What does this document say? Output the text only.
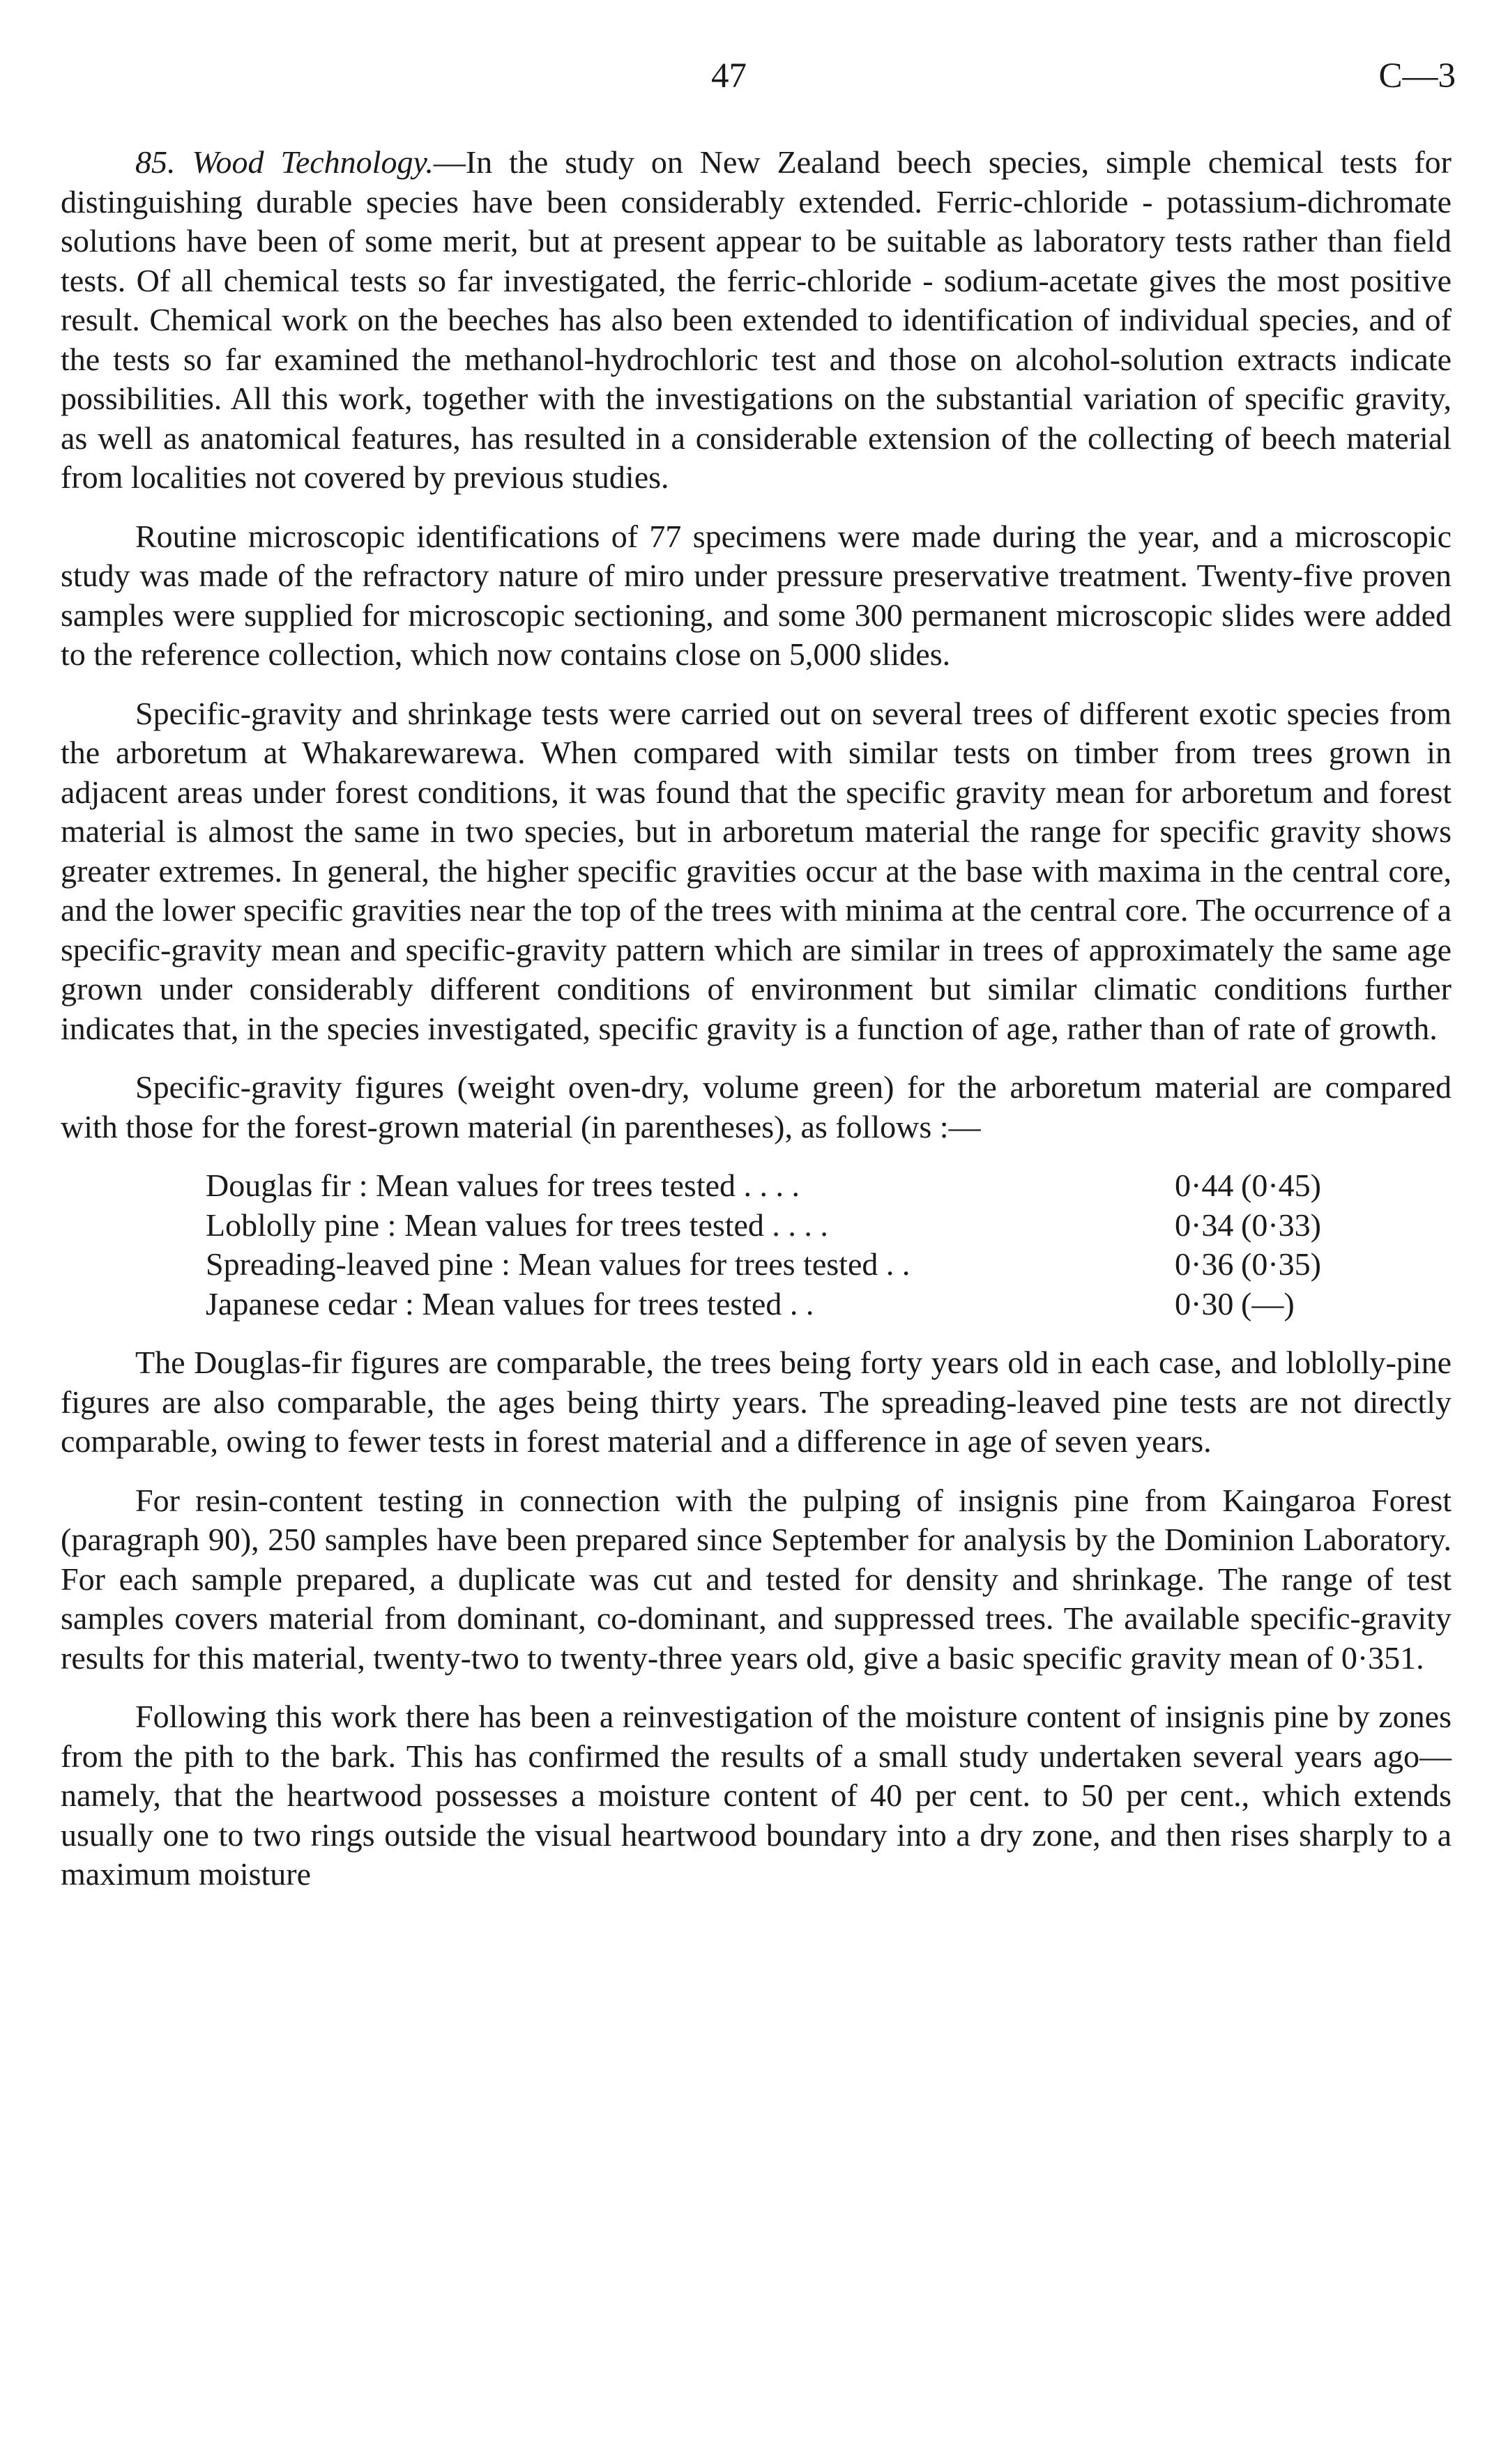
47	C—3

85. Wood Technology.—In the study on New Zealand beech species, simple chemical tests for distinguishing durable species have been considerably extended. Ferric-chloride - potassium-dichromate solutions have been of some merit, but at present appear to be suitable as laboratory tests rather than field tests. Of all chemical tests so far investigated, the ferric-chloride - sodium-acetate gives the most positive result. Chemical work on the beeches has also been extended to identification of individual species, and of the tests so far examined the methanol-hydrochloric test and those on alcohol-solution extracts indicate possibilities. All this work, together with the investigations on the substantial variation of specific gravity, as well as anatomical features, has resulted in a considerable extension of the collecting of beech material from localities not covered by previous studies.

Routine microscopic identifications of 77 specimens were made during the year, and a microscopic study was made of the refractory nature of miro under pressure preservative treatment. Twenty-five proven samples were supplied for microscopic sectioning, and some 300 permanent microscopic slides were added to the reference collection, which now contains close on 5,000 slides.

Specific-gravity and shrinkage tests were carried out on several trees of different exotic species from the arboretum at Whakarewarewa. When compared with similar tests on timber from trees grown in adjacent areas under forest conditions, it was found that the specific gravity mean for arboretum and forest material is almost the same in two species, but in arboretum material the range for specific gravity shows greater extremes. In general, the higher specific gravities occur at the base with maxima in the central core, and the lower specific gravities near the top of the trees with minima at the central core. The occurrence of a specific-gravity mean and specific-gravity pattern which are similar in trees of approximately the same age grown under considerably different conditions of environment but similar climatic conditions further indicates that, in the species investigated, specific gravity is a function of age, rather than of rate of growth.

Specific-gravity figures (weight oven-dry, volume green) for the arboretum material are compared with those for the forest-grown material (in parentheses), as follows :—

Douglas fir : Mean values for trees tested . . . .	0·44	(0·45)
Loblolly pine : Mean values for trees tested . . . .	0·34	(0·33)
Spreading-leaved pine : Mean values for trees tested . .	0·36	(0·35)
Japanese cedar : Mean values for trees tested . .	0·30	(—)

The Douglas-fir figures are comparable, the trees being forty years old in each case, and loblolly-pine figures are also comparable, the ages being thirty years. The spreading-leaved pine tests are not directly comparable, owing to fewer tests in forest material and a difference in age of seven years.

For resin-content testing in connection with the pulping of insignis pine from Kaingaroa Forest (paragraph 90), 250 samples have been prepared since September for analysis by the Dominion Laboratory. For each sample prepared, a duplicate was cut and tested for density and shrinkage. The range of test samples covers material from dominant, co-dominant, and suppressed trees. The available specific-gravity results for this material, twenty-two to twenty-three years old, give a basic specific gravity mean of 0·351.

Following this work there has been a reinvestigation of the moisture content of insignis pine by zones from the pith to the bark. This has confirmed the results of a small study undertaken several years ago—namely, that the heartwood possesses a moisture content of 40 per cent. to 50 per cent., which extends usually one to two rings outside the visual heartwood boundary into a dry zone, and then rises sharply to a maximum moisture
